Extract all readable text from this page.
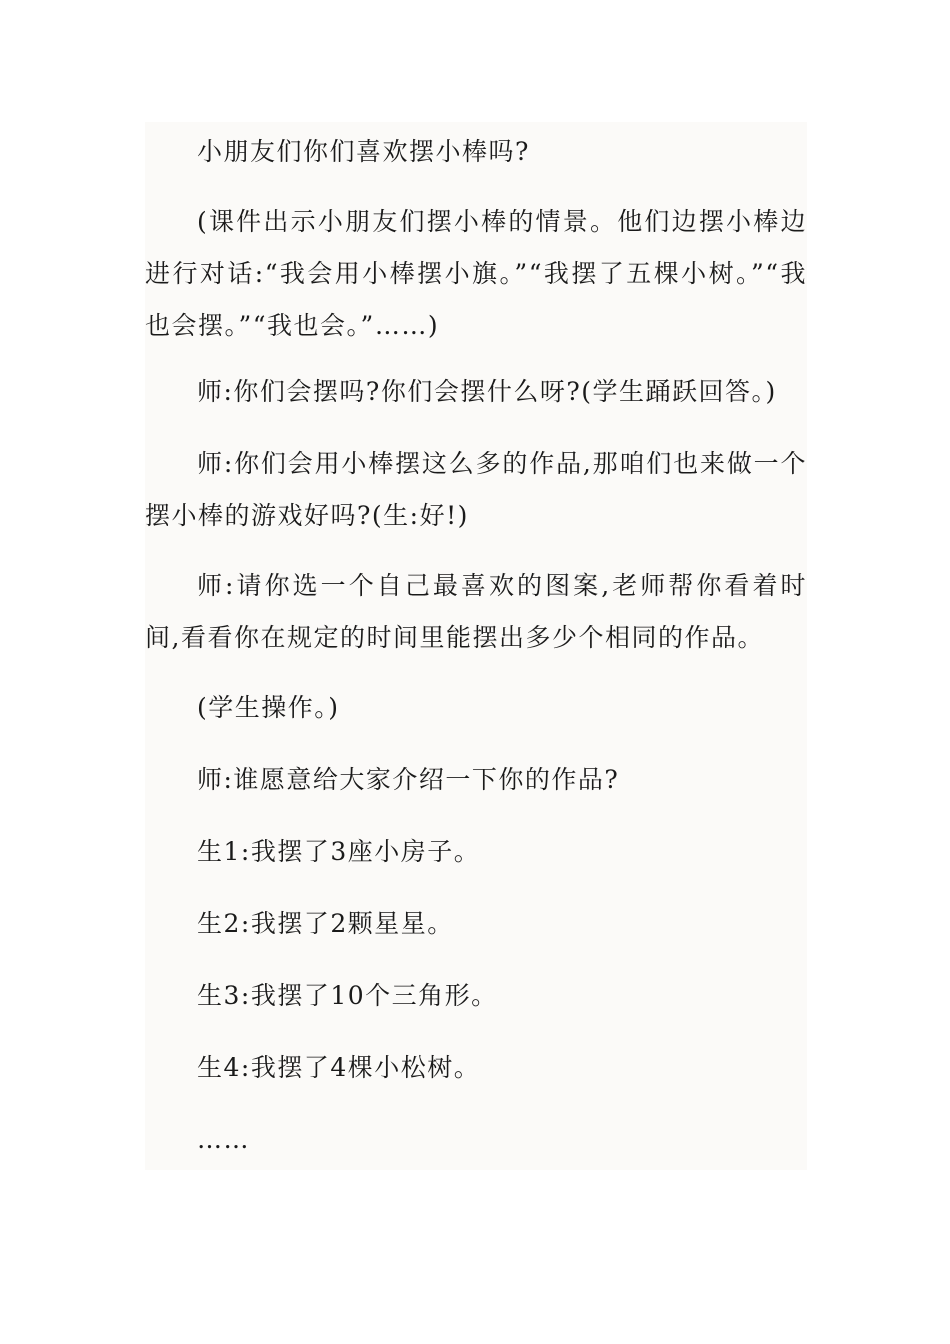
小朋友们你们喜欢摆小棒吗?

(课件出示小朋友们摆小棒的情景。他们边摆小棒边进行对话:“我会用小棒摆小旗。”“我摆了五棵小树。”“我也会摆。”“我也会。”……)

师:你们会摆吗?你们会摆什么呀?(学生踊跃回答。)

师:你们会用小棒摆这么多的作品,那咱们也来做一个摆小棒的游戏好吗?(生:好!)

师:请你选一个自己最喜欢的图案,老师帮你看着时间,看看你在规定的时间里能摆出多少个相同的作品。

(学生操作。)

师:谁愿意给大家介绍一下你的作品?

生1:我摆了3座小房子。

生2:我摆了2颗星星。

生3:我摆了10个三角形。

生4:我摆了4棵小松树。

……
